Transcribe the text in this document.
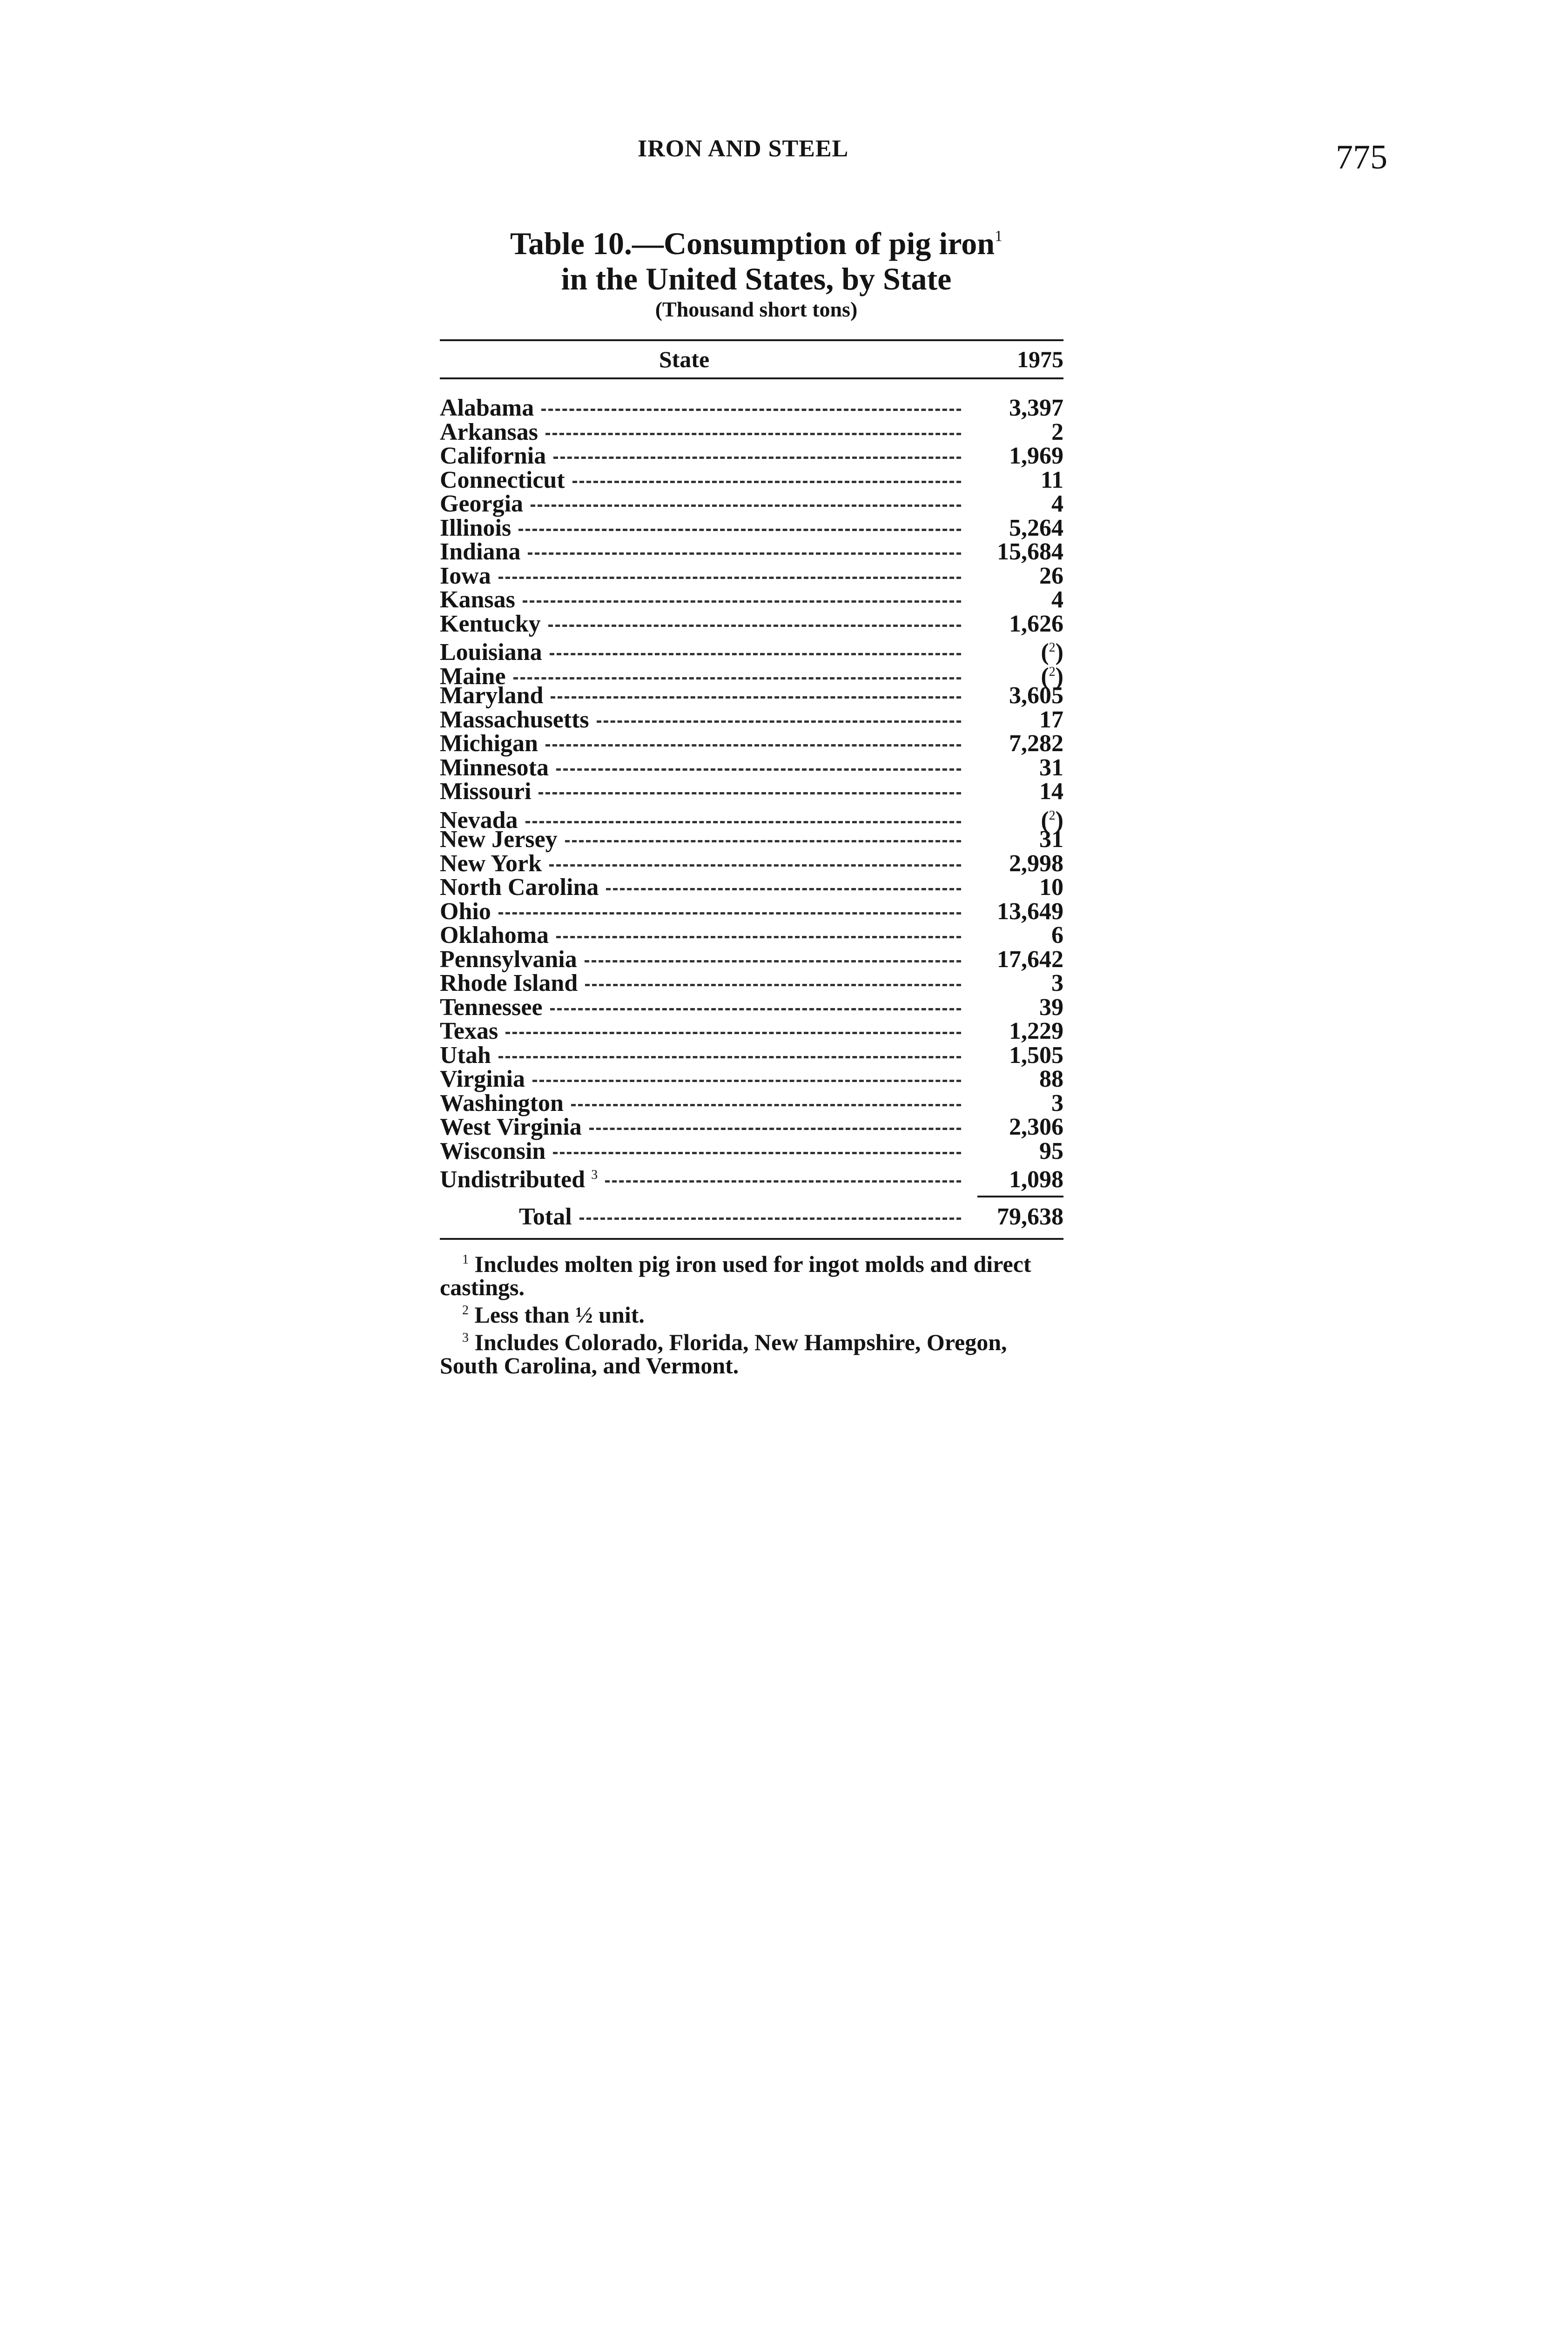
IRON AND STEEL	775
Table 10.—Consumption of pig iron$^1$
in the United States, by State
(Thousand short tons)
State	1975
Alabama	3,397
Arkansas	2
California	1,969
Connecticut	11
Georgia	4
Illinois	5,264
Indiana	15,684
Iowa	26
Kansas	4
Kentucky	1,626
Louisiana	($^2$)
Maine	($^2$)
Maryland	3,605
Massachusetts	17
Michigan	7,282
Minnesota	31
Missouri	14
Nevada	($^2$)
New Jersey	31
New York	2,998
North Carolina	10
Ohio	13,649
Oklahoma	6
Pennsylvania	17,642
Rhode Island	3
Tennessee	39
Texas	1,229
Utah	1,505
Virginia	88
Washington	3
West Virginia	2,306
Wisconsin	95
Undistributed $^3$	1,098
Total	79,638

$^1$ Includes molten pig iron used for ingot molds and direct castings.

$^2$ Less than ½ unit.

$^3$ Includes Colorado, Florida, New Hampshire, Oregon, South Carolina, and Vermont.
